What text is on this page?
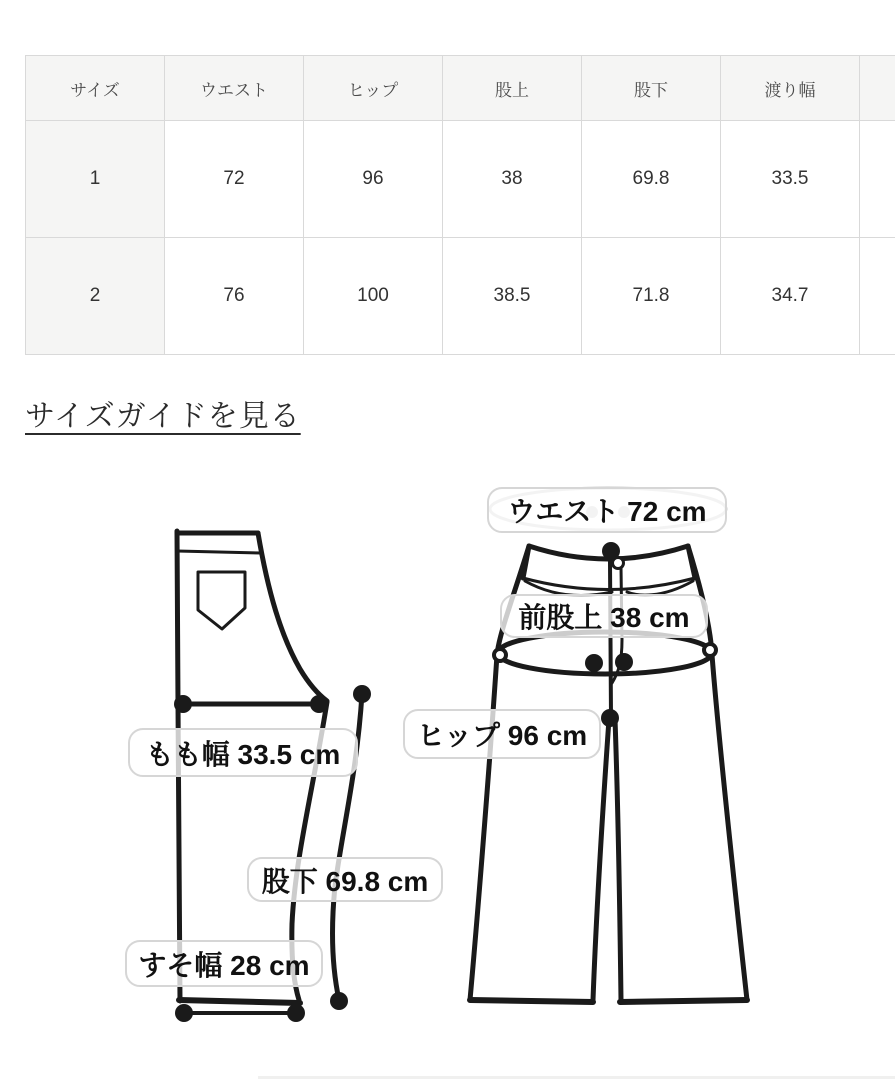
サイズ	ウエスト	ヒップ	股上	股下	渡り幅	
1	72	96	38	69.8	33.5	
2	76	100	38.5	71.8	34.7	
サイズガイドを見る
ウエスト 72 cm
前股上 38 cm
ヒップ 96 cm
もも幅 33.5 cm
股下 69.8 cm
すそ幅 28 cm
